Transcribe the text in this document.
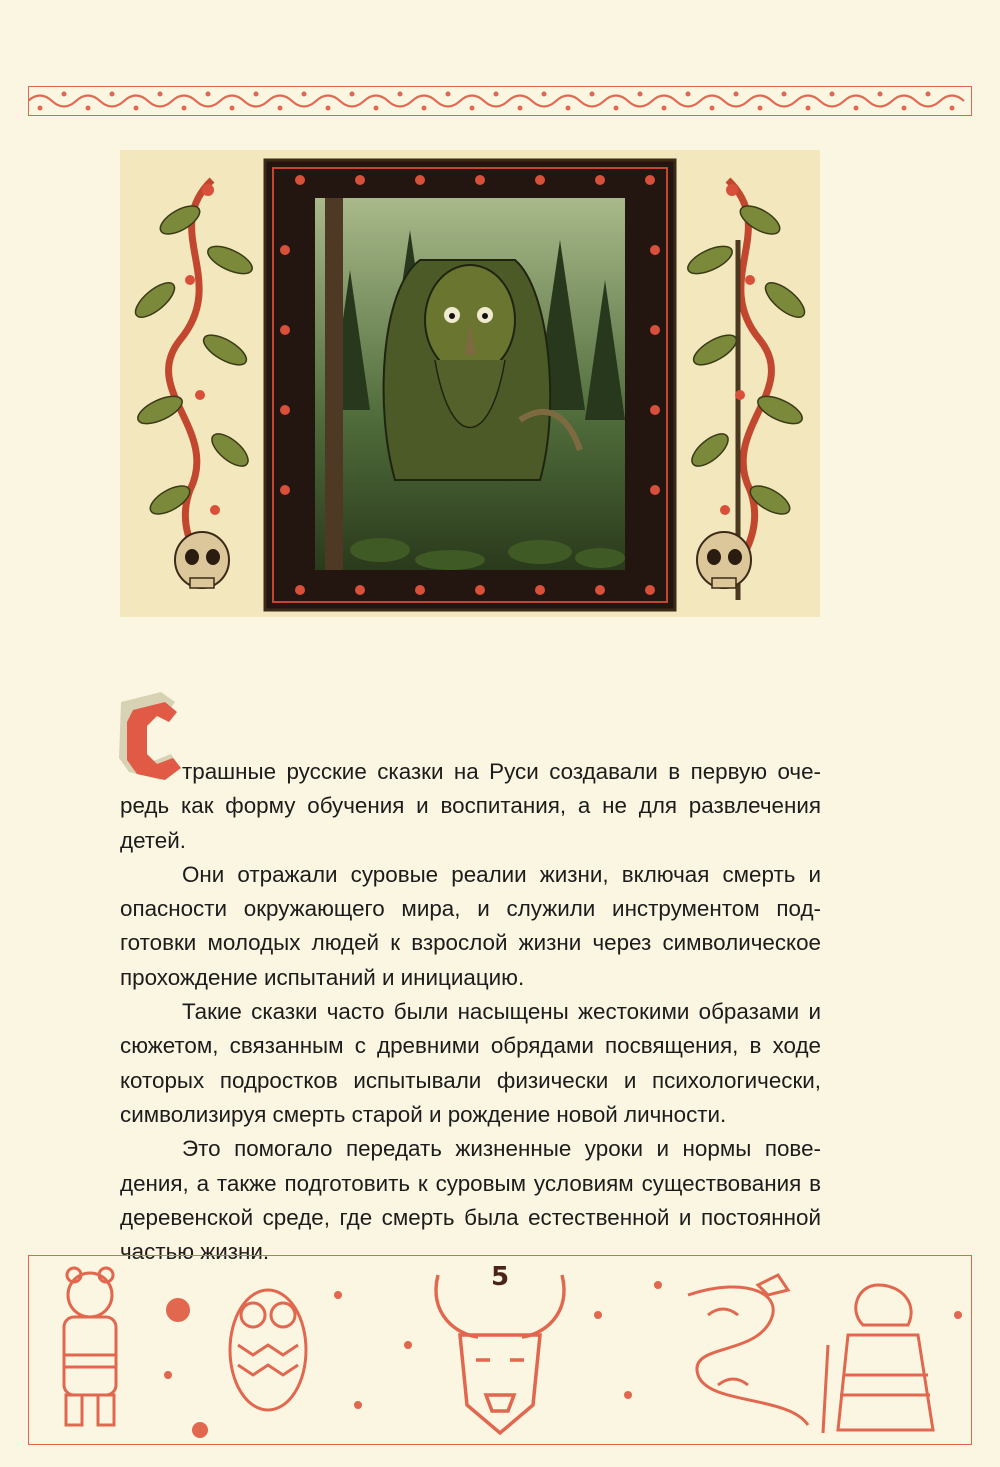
трашные русские сказки на Руси создавали в первую очередь как форму обучения и воспитания, а не для развлечения детей.

Они отражали суровые реалии жизни, включая смерть и опасности окружающего мира, и служили инструментом подготовки молодых людей к взрослой жизни через символическое прохождение испытаний и инициацию.

Такие сказки часто были насыщены жестокими образами и сюжетом, связанным с древними обрядами посвящения, в ходе которых подростков испытывали физически и психологически, символизируя смерть старой и рождение новой личности.

Это помогало передать жизненные уроки и нормы поведения, а также подготовить к суровым условиям существования в деревенской среде, где смерть была естественной и постоянной частью жизни.

5
